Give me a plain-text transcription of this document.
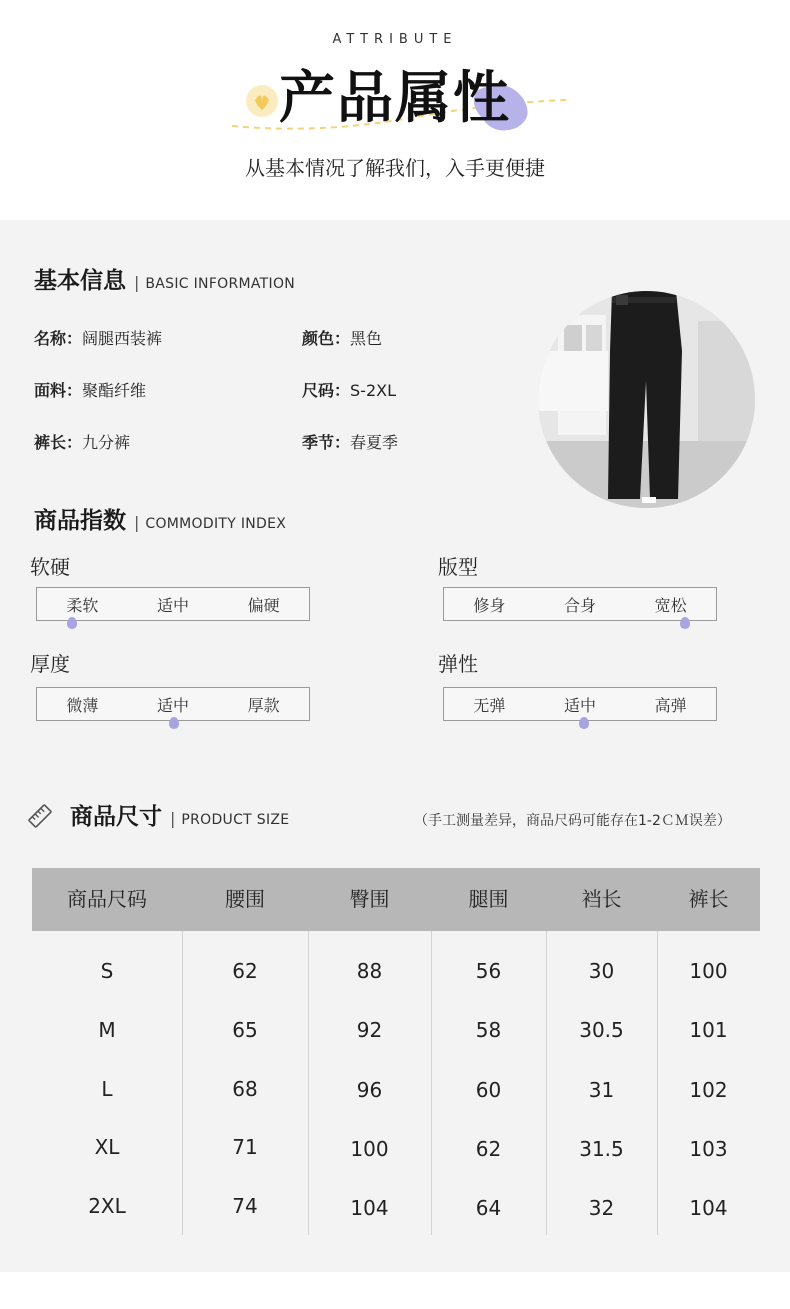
ATTRIBUTE
产品属性
从基本情况了解我们，入手更便捷
基本信息 | BASIC INFORMATION
名称：阔腿西装裤	颜色：黑色
面料：聚酯纤维	尺码：S-2XL
裤长：九分裤	季节：春夏季
商品指数 | COMMODITY INDEX
软硬
柔软	适中	偏硬
版型
修身	合身	宽松
厚度
微薄	适中	厚款
弹性
无弹	适中	高弹
商品尺寸 | PRODUCT SIZE	（手工测量差异，商品尺码可能存在1-2ＣＭ误差）
商品尺码	腰围	臀围	腿围	裆长	裤长
S	62	88	56	30	100
M	65	92	58	30.5	101
L	68	96	60	31	102
XL	71	100	62	31.5	103
2XL	74	104	64	32	104
